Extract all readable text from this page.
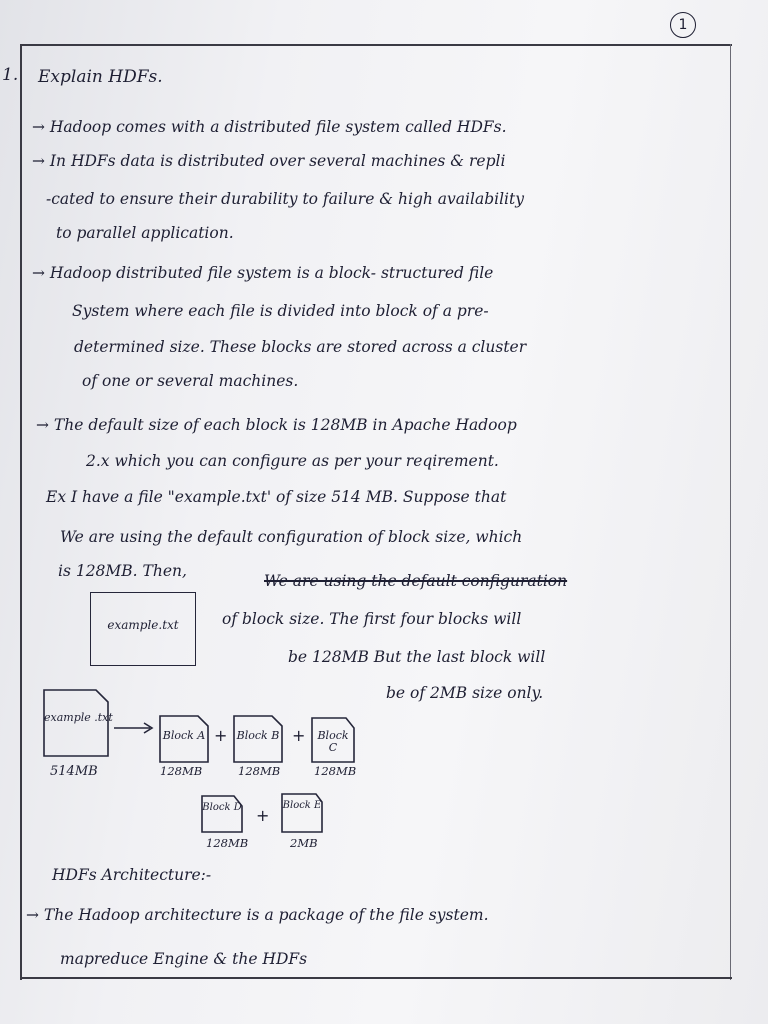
1
1. Explain HDFs.
→ Hadoop comes with a distributed file system called HDFs.
→ In HDFs data is distributed over several machines & repli
-cated to ensure their durability to failure & high availability
to parallel application.
→ Hadoop distributed file system is a block- structured file
System where each file is divided into block of a pre-
determined size. These blocks are stored across a cluster
of one or several machines.
→ The default size of each block is 128MB in Apache Hadoop
2.x which you can configure as per your reqirement.
Ex I have a file "example.txt' of size 514 MB. Suppose that
We are using the default configuration of block size, which
is 128MB. Then,
We are using the default configuration
example.txt	of block size. The first four blocks will
be 128MB But the last block will
be of 2MB size only.
example .txt
514MB
Block A
128MB
+ Block B
128MB
+	Block C
128MB
Block D
128MB
+
Block E
2MB
HDFs Architecture:-
→ The Hadoop architecture is a package of the file system.
mapreduce Engine & the HDFs
